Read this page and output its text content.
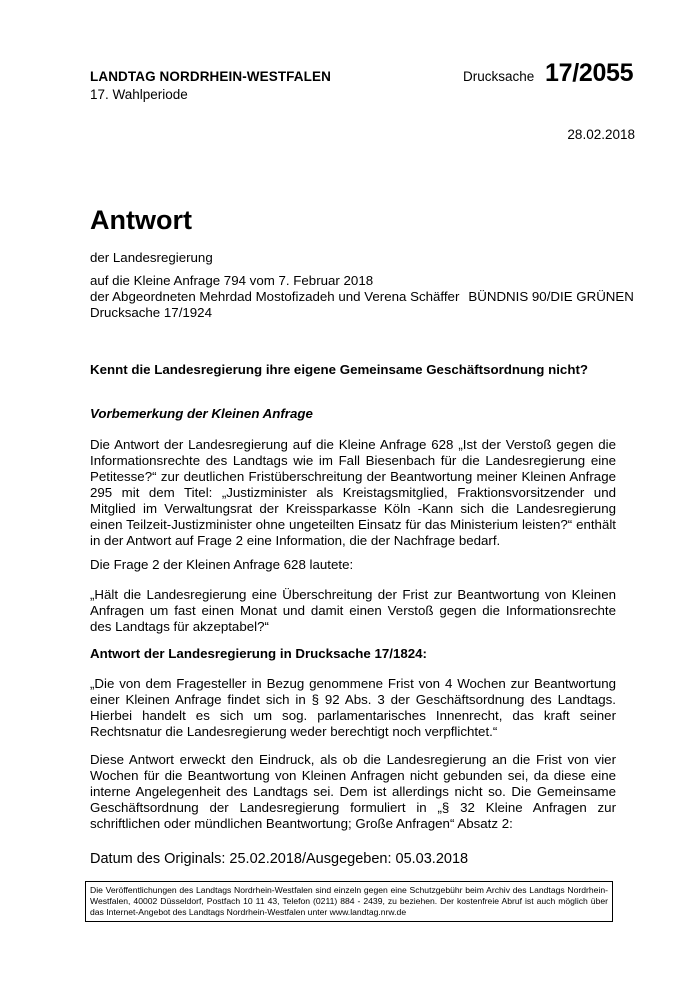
LANDTAG NORDRHEIN-WESTFALEN
17. Wahlperiode
Drucksache 17/2055
28.02.2018
Antwort
der Landesregierung
auf die Kleine Anfrage 794 vom 7. Februar 2018
der Abgeordneten Mehrdad Mostofizadeh und Verena Schäffer BÜNDNIS 90/DIE GRÜNEN
Drucksache 17/1924
Kennt die Landesregierung ihre eigene Gemeinsame Geschäftsordnung nicht?
Vorbemerkung der Kleinen Anfrage
Die Antwort der Landesregierung auf die Kleine Anfrage 628 „Ist der Verstoß gegen die Informationsrechte des Landtags wie im Fall Biesenbach für die Landesregierung eine Petitesse?“ zur deutlichen Fristüberschreitung der Beantwortung meiner Kleinen Anfrage 295 mit dem Titel: „Justizminister als Kreistagsmitglied, Fraktionsvorsitzender und Mitglied im Verwaltungsrat der Kreissparkasse Köln -Kann sich die Landesregierung einen Teilzeit-Justizminister ohne ungeteilten Einsatz für das Ministerium leisten?“ enthält in der Antwort auf Frage 2 eine Information, die der Nachfrage bedarf.
Die Frage 2 der Kleinen Anfrage 628 lautete:
„Hält die Landesregierung eine Überschreitung der Frist zur Beantwortung von Kleinen Anfragen um fast einen Monat und damit einen Verstoß gegen die Informationsrechte des Landtags für akzeptabel?“
Antwort der Landesregierung in Drucksache 17/1824:
„Die von dem Fragesteller in Bezug genommene Frist von 4 Wochen zur Beantwortung einer Kleinen Anfrage findet sich in § 92 Abs. 3 der Geschäftsordnung des Landtags. Hierbei handelt es sich um sog. parlamentarisches Innenrecht, das kraft seiner Rechtsnatur die Landesregierung weder berechtigt noch verpflichtet.“
Diese Antwort erweckt den Eindruck, als ob die Landesregierung an die Frist von vier Wochen für die Beantwortung von Kleinen Anfragen nicht gebunden sei, da diese eine interne Angelegenheit des Landtags sei. Dem ist allerdings nicht so. Die Gemeinsame Geschäftsordnung der Landesregierung formuliert in „§ 32 Kleine Anfragen zur schriftlichen oder mündlichen Beantwortung; Große Anfragen“ Absatz 2:
Datum des Originals: 25.02.2018/Ausgegeben: 05.03.2018
Die Veröffentlichungen des Landtags Nordrhein-Westfalen sind einzeln gegen eine Schutzgebühr beim Archiv des Landtags Nordrhein-Westfalen, 40002 Düsseldorf, Postfach 10 11 43, Telefon (0211) 884 - 2439, zu beziehen. Der kostenfreie Abruf ist auch möglich über das Internet-Angebot des Landtags Nordrhein-Westfalen unter www.landtag.nrw.de
